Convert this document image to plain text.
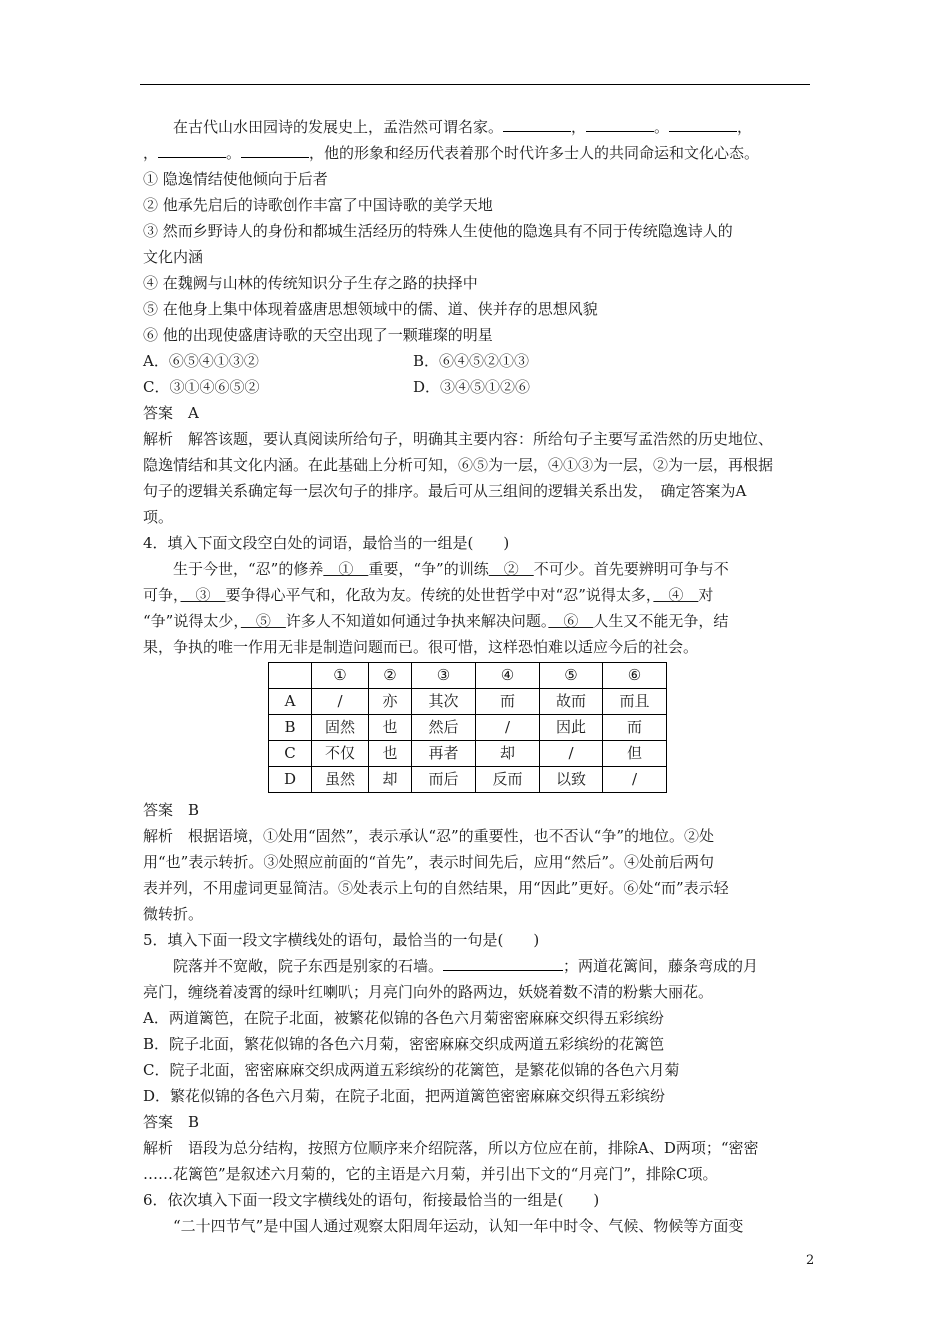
在古代山水田园诗的发展史上，孟浩然可谓名家。	，	。	，

，	。	，他的形象和经历代表着那个时代许多士人的共同命运和文化心态。

① 隐逸情结使他倾向于后者

② 他承先启后的诗歌创作丰富了中国诗歌的美学天地

③ 然而乡野诗人的身份和都城生活经历的特殊人生使他的隐逸具有不同于传统隐逸诗人的

文化内涵

④ 在魏阙与山林的传统知识分子生存之路的抉择中

⑤ 在他身上集中体现着盛唐思想领域中的儒、道、侠并存的思想风貌

⑥ 他的出现使盛唐诗歌的天空出现了一颗璀璨的明星

A．⑥⑤④①③②	B．⑥④⑤②①③

C．③①④⑥⑤②	D．③④⑤①②⑥

答案　A

解析　解答该题，要认真阅读所给句子，明确其主要内容：所给句子主要写孟浩然的历史地位、

隐逸情结和其文化内涵。在此基础上分析可知，⑥⑤为一层，④①③为一层，②为一层，再根据

句子的逻辑关系确定每一层次句子的排序。最后可从三组间的逻辑关系出发，　确定答案为A

项。

4．填入下面文段空白处的词语，最恰当的一组是(　　)

生于今世，“忍”的修养　①　重要，“争”的训练　②　不可少。首先要辨明可争与不

可争，　③　要争得心平气和，化敌为友。传统的处世哲学中对“忍”说得太多，　④　对

“争”说得太少，　⑤　许多人不知道如何通过争执来解决问题。　⑥　人生又不能无争，结

果，争执的唯一作用无非是制造问题而已。很可惜，这样恐怕难以适应今后的社会。

	①	②	③	④	⑤	⑥
A	/	亦	其次	而	故而	而且
B	固然	也	然后	/	因此	而
C	不仅	也	再者	却	/	但
D	虽然	却	而后	反而	以致	/

答案　B

解析　根据语境，①处用“固然”，表示承认“忍”的重要性，也不否认“争”的地位。②处

用“也”表示转折。③处照应前面的“首先”，表示时间先后，应用“然后”。④处前后两句

表并列，不用虚词更显简洁。⑤处表示上句的自然结果，用“因此”更好。⑥处“而”表示轻

微转折。

5．填入下面一段文字横线处的语句，最恰当的一句是(　　)

院落并不宽敞，院子东西是别家的石墙。	；两道花篱间，藤条弯成的月

亮门，缠绕着凌霄的绿叶红喇叭；月亮门向外的路两边，妖娆着数不清的粉紫大丽花。

A．两道篱笆，在院子北面，被繁花似锦的各色六月菊密密麻麻交织得五彩缤纷

B．院子北面，繁花似锦的各色六月菊，密密麻麻交织成两道五彩缤纷的花篱笆

C．院子北面，密密麻麻交织成两道五彩缤纷的花篱笆，是繁花似锦的各色六月菊

D．繁花似锦的各色六月菊，在院子北面，把两道篱笆密密麻麻交织得五彩缤纷

答案　B

解析　语段为总分结构，按照方位顺序来介绍院落，所以方位应在前，排除A、D两项；“密密

……花篱笆”是叙述六月菊的，它的主语是六月菊，并引出下文的“月亮门”，排除C项。

6．依次填入下面一段文字横线处的语句，衔接最恰当的一组是(　　)

“二十四节气”是中国人通过观察太阳周年运动，认知一年中时令、气候、物候等方面变

2
